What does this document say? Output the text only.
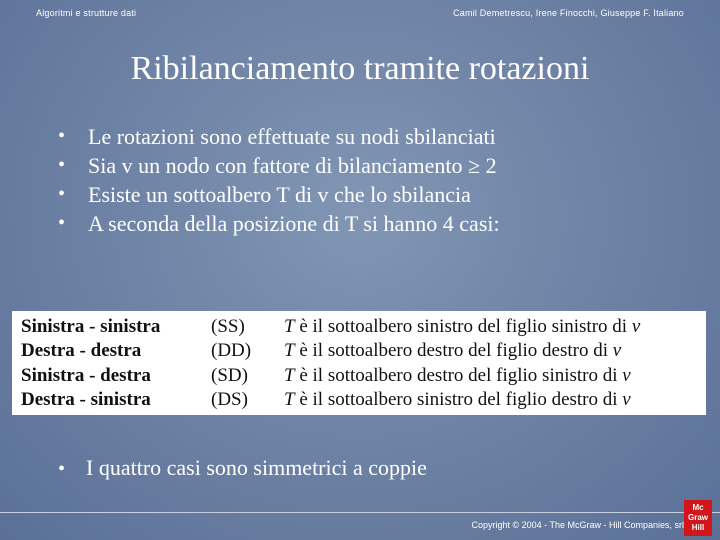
Algoritmi e strutture dati	Camil Demetrescu, Irene Finocchi, Giuseppe F. Italiano
Ribilanciamento tramite rotazioni
• Le rotazioni sono effettuate su nodi sbilanciati
• Sia v un nodo con fattore di bilanciamento ≥ 2
• Esiste un sottoalbero T di v che lo sbilancia
• A seconda della posizione di T si hanno 4 casi:
Sinistra - sinistra	(SS) T è il sottoalbero sinistro del figlio sinistro di v
Destra - destra	(DD) T è il sottoalbero destro del figlio destro di v
Sinistra - destra	(SD) T è il sottoalbero destro del figlio sinistro di v
Destra - sinistra	(DS) T è il sottoalbero sinistro del figlio destro di v
• I quattro casi sono simmetrici a coppie
Copyright © 2004 - The McGraw - Hill Companies, srl
Mc
Graw
Hill
